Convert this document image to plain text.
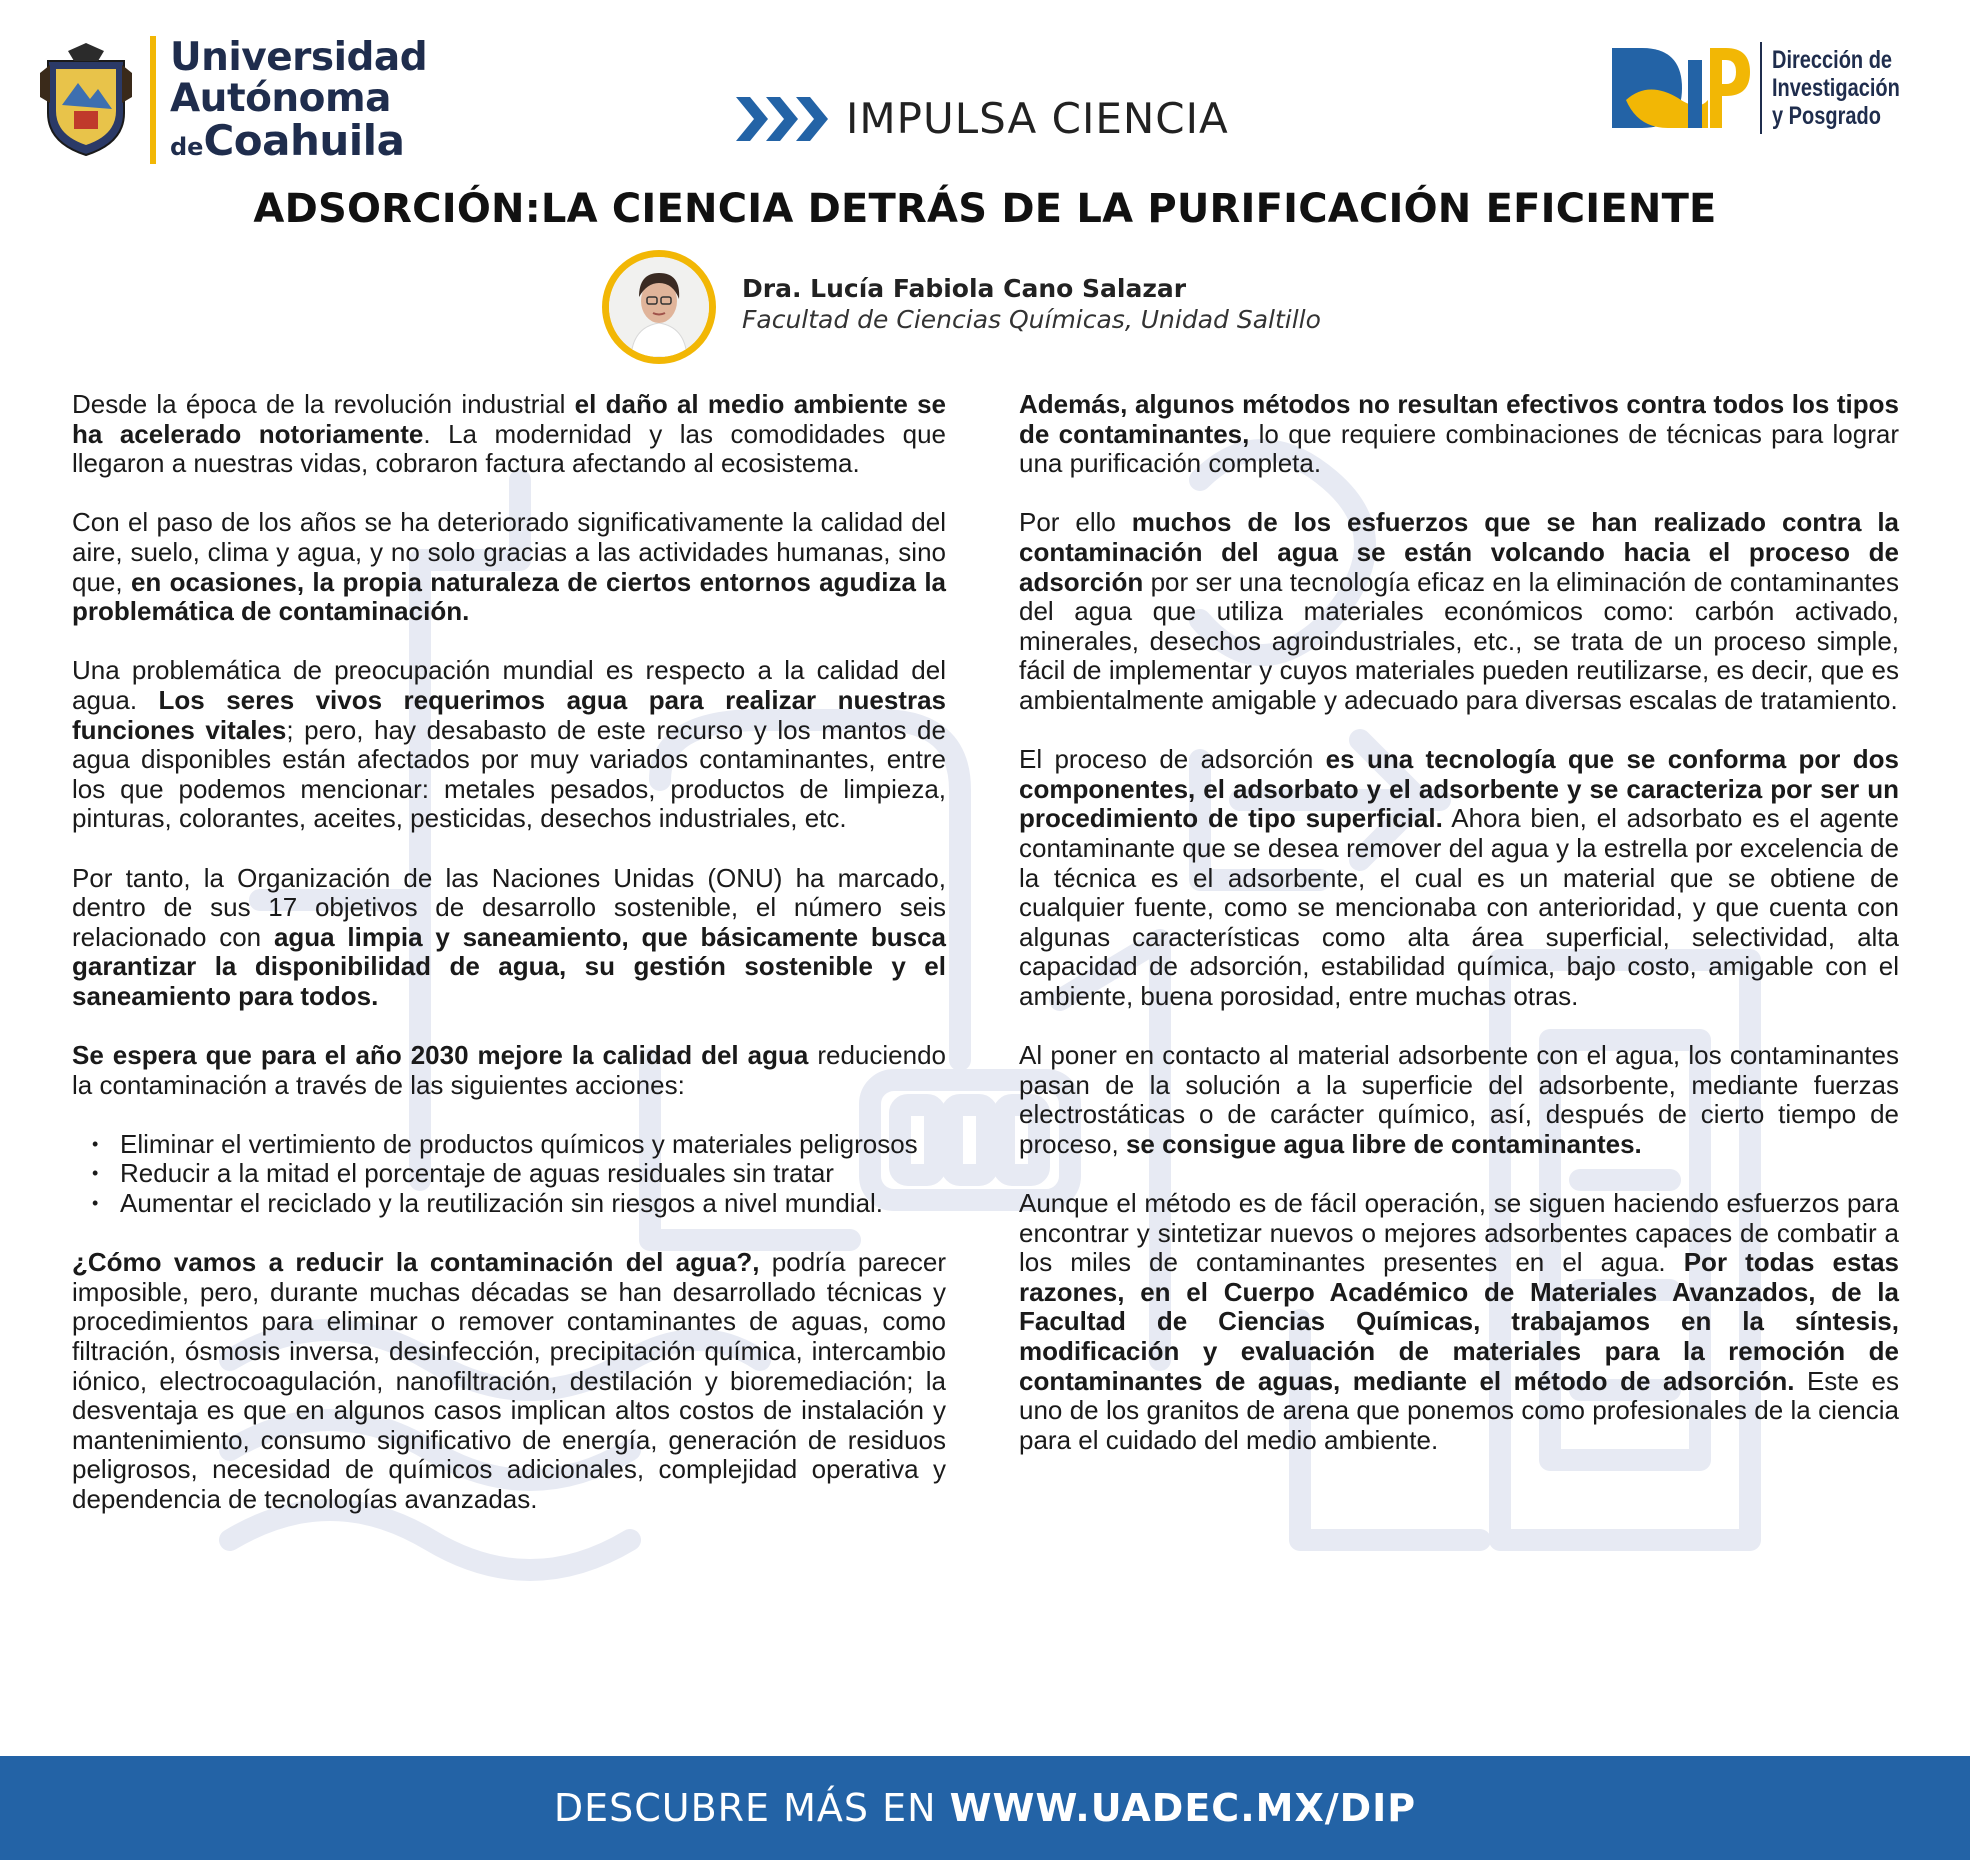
Universidad
Autónoma
deCoahuila	IMPULSA CIENCIA
Dirección de
Investigación
y Posgrado
ADSORCIÓN:LA CIENCIA DETRÁS DE LA PURIFICACIÓN EFICIENTE
Dra. Lucía Fabiola Cano Salazar
Facultad de Ciencias Químicas, Unidad Saltillo

Desde la época de la revolución industrial el daño al medio ambiente se ha acelerado notoriamente. La modernidad y las comodidades que llegaron a nuestras vidas, cobraron factura afectando al ecosistema.

Con el paso de los años se ha deteriorado significativamente la calidad del aire, suelo, clima y agua, y no solo gracias a las actividades humanas, sino que, en ocasiones, la propia naturaleza de ciertos entornos agudiza la problemática de contaminación.

Una problemática de preocupación mundial es respecto a la calidad del agua. Los seres vivos requerimos agua para realizar nuestras funciones vitales; pero, hay desabasto de este recurso y los mantos de agua disponibles están afectados por muy variados contaminantes, entre los que podemos mencionar: metales pesados, productos de limpieza, pinturas, colorantes, aceites, pesticidas, desechos industriales, etc.

Por tanto, la Organización de las Naciones Unidas (ONU) ha marcado, dentro de sus 17 objetivos de desarrollo sostenible, el número seis relacionado con agua limpia y saneamiento, que básicamente busca garantizar la disponibilidad de agua, su gestión sostenible y el saneamiento para todos.

Se espera que para el año 2030 mejore la calidad del agua reduciendo la contaminación a través de las siguientes acciones:

• Eliminar el vertimiento de productos químicos y materiales peligrosos
• Reducir a la mitad el porcentaje de aguas residuales sin tratar
• Aumentar el reciclado y la reutilización sin riesgos a nivel mundial.

¿Cómo vamos a reducir la contaminación del agua?, podría parecer imposible, pero, durante muchas décadas se han desarrollado técnicas y procedimientos para eliminar o remover contaminantes de aguas, como filtración, ósmosis inversa, desinfección, precipitación química, intercambio iónico, electrocoagulación, nanofiltración, destilación y bioremediación; la desventaja es que en algunos casos implican altos costos de instalación y mantenimiento, consumo significativo de energía, generación de residuos peligrosos, necesidad de químicos adicionales, complejidad operativa y dependencia de tecnologías avanzadas.

Además, algunos métodos no resultan efectivos contra todos los tipos de contaminantes, lo que requiere combinaciones de técnicas para lograr una purificación completa.

Por ello muchos de los esfuerzos que se han realizado contra la contaminación del agua se están volcando hacia el proceso de adsorción por ser una tecnología eficaz en la eliminación de contaminantes del agua que utiliza materiales económicos como: carbón activado, minerales, desechos agroindustriales, etc., se trata de un proceso simple, fácil de implementar y cuyos materiales pueden reutilizarse, es decir, que es ambientalmente amigable y adecuado para diversas escalas de tratamiento.

El proceso de adsorción es una tecnología que se conforma por dos componentes, el adsorbato y el adsorbente y se caracteriza por ser un procedimiento de tipo superficial. Ahora bien, el adsorbato es el agente contaminante que se desea remover del agua y la estrella por excelencia de la técnica es el adsorbente, el cual es un material que se obtiene de cualquier fuente, como se mencionaba con anterioridad, y que cuenta con algunas características como alta área superficial, selectividad, alta capacidad de adsorción, estabilidad química, bajo costo, amigable con el ambiente, buena porosidad, entre muchas otras.

Al poner en contacto al material adsorbente con el agua, los contaminantes pasan de la solución a la superficie del adsorbente, mediante fuerzas electrostáticas o de carácter químico, así, después de cierto tiempo de proceso, se consigue agua libre de contaminantes.

Aunque el método es de fácil operación, se siguen haciendo esfuerzos para encontrar y sintetizar nuevos o mejores adsorbentes capaces de combatir a los miles de contaminantes presentes en el agua. Por todas estas razones, en el Cuerpo Académico de Materiales Avanzados, de la Facultad de Ciencias Químicas, trabajamos en la síntesis, modificación y evaluación de materiales para la remoción de contaminantes de aguas, mediante el método de adsorción. Este es uno de los granitos de arena que ponemos como profesionales de la ciencia para el cuidado del medio ambiente.

DESCUBRE MÁS EN WWW.UADEC.MX/DIP
